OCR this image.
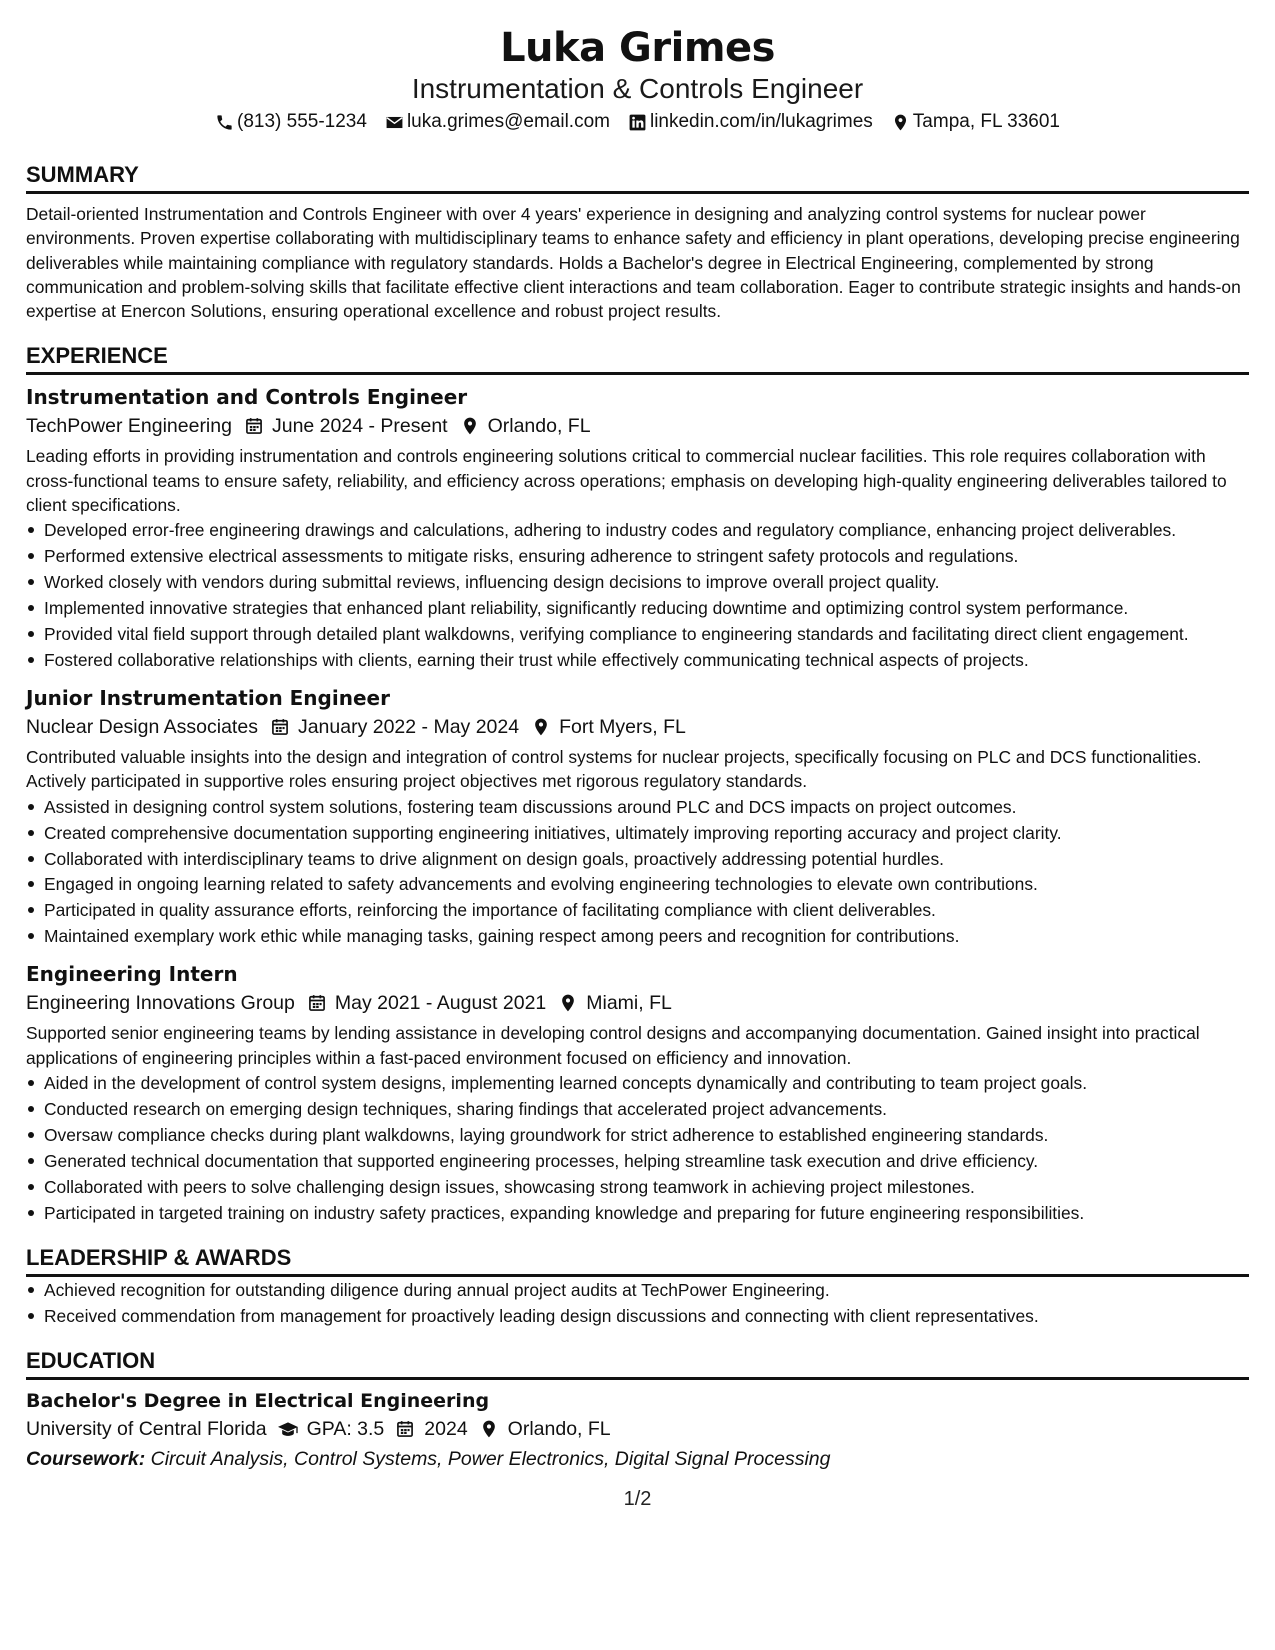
Luka Grimes
Instrumentation & Controls Engineer
(813) 555-1234 luka.grimes@email.com linkedin.com/in/lukagrimes Tampa, FL 33601
SUMMARY

Detail-oriented Instrumentation and Controls Engineer with over 4 years' experience in designing and analyzing control systems for nuclear power environments. Proven expertise collaborating with multidisciplinary teams to enhance safety and efficiency in plant operations, developing precise engineering deliverables while maintaining compliance with regulatory standards. Holds a Bachelor's degree in Electrical Engineering, complemented by strong communication and problem-solving skills that facilitate effective client interactions and team collaboration. Eager to contribute strategic insights and hands-on expertise at Enercon Solutions, ensuring operational excellence and robust project results.

EXPERIENCE
Instrumentation and Controls Engineer
TechPower Engineering June 2024 - Present Orlando, FL

Leading efforts in providing instrumentation and controls engineering solutions critical to commercial nuclear facilities. This role requires collaboration with cross-functional teams to ensure safety, reliability, and efficiency across operations; emphasis on developing high-quality engineering deliverables tailored to client specifications.

Developed error-free engineering drawings and calculations, adhering to industry codes and regulatory compliance, enhancing project deliverables.
Performed extensive electrical assessments to mitigate risks, ensuring adherence to stringent safety protocols and regulations.
Worked closely with vendors during submittal reviews, influencing design decisions to improve overall project quality.
Implemented innovative strategies that enhanced plant reliability, significantly reducing downtime and optimizing control system performance.
Provided vital field support through detailed plant walkdowns, verifying compliance to engineering standards and facilitating direct client engagement.
Fostered collaborative relationships with clients, earning their trust while effectively communicating technical aspects of projects.
Junior Instrumentation Engineer
Nuclear Design Associates January 2022 - May 2024 Fort Myers, FL

Contributed valuable insights into the design and integration of control systems for nuclear projects, specifically focusing on PLC and DCS functionalities. Actively participated in supportive roles ensuring project objectives met rigorous regulatory standards.

Assisted in designing control system solutions, fostering team discussions around PLC and DCS impacts on project outcomes.
Created comprehensive documentation supporting engineering initiatives, ultimately improving reporting accuracy and project clarity.
Collaborated with interdisciplinary teams to drive alignment on design goals, proactively addressing potential hurdles.
Engaged in ongoing learning related to safety advancements and evolving engineering technologies to elevate own contributions.
Participated in quality assurance efforts, reinforcing the importance of facilitating compliance with client deliverables.
Maintained exemplary work ethic while managing tasks, gaining respect among peers and recognition for contributions.
Engineering Intern
Engineering Innovations Group May 2021 - August 2021 Miami, FL

Supported senior engineering teams by lending assistance in developing control designs and accompanying documentation. Gained insight into practical applications of engineering principles within a fast-paced environment focused on efficiency and innovation.

Aided in the development of control system designs, implementing learned concepts dynamically and contributing to team project goals.
Conducted research on emerging design techniques, sharing findings that accelerated project advancements.
Oversaw compliance checks during plant walkdowns, laying groundwork for strict adherence to established engineering standards.
Generated technical documentation that supported engineering processes, helping streamline task execution and drive efficiency.
Collaborated with peers to solve challenging design issues, showcasing strong teamwork in achieving project milestones.
Participated in targeted training on industry safety practices, expanding knowledge and preparing for future engineering responsibilities.
LEADERSHIP & AWARDS
Achieved recognition for outstanding diligence during annual project audits at TechPower Engineering.
Received commendation from management for proactively leading design discussions and connecting with client representatives.
EDUCATION
Bachelor's Degree in Electrical Engineering
University of Central Florida GPA: 3.5 2024 Orlando, FL
Coursework: Circuit Analysis, Control Systems, Power Electronics, Digital Signal Processing
1/2
